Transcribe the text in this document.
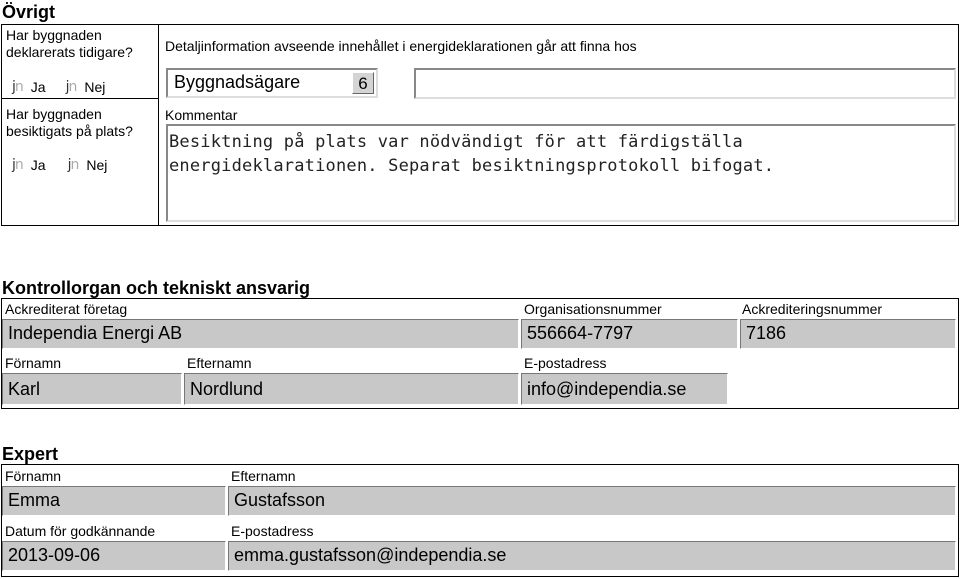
Övrigt
Har byggnaden
deklarerats tidigare?
jn Ja jn Nej
Har byggnaden
besiktigats på plats?
jn Ja jn Nej
Detaljinformation avseende innehållet i energideklarationen går att finna hos
Byggnadsägare	6
Kommentar
Besiktning på plats var nödvändigt för att färdigställa
energideklarationen. Separat besiktningsprotokoll bifogat.
Kontrollorgan och tekniskt ansvarig
Ackrediterat företag	Organisationsnummer	Ackrediteringsnummer
Independia Energi AB	556664-7797	7186
Förnamn	Efternamn	E-postadress
Karl	Nordlund	info@independia.se
Expert
Förnamn	Efternamn
Emma	Gustafsson
Datum för godkännande	E-postadress
2013-09-06	emma.gustafsson@independia.se
